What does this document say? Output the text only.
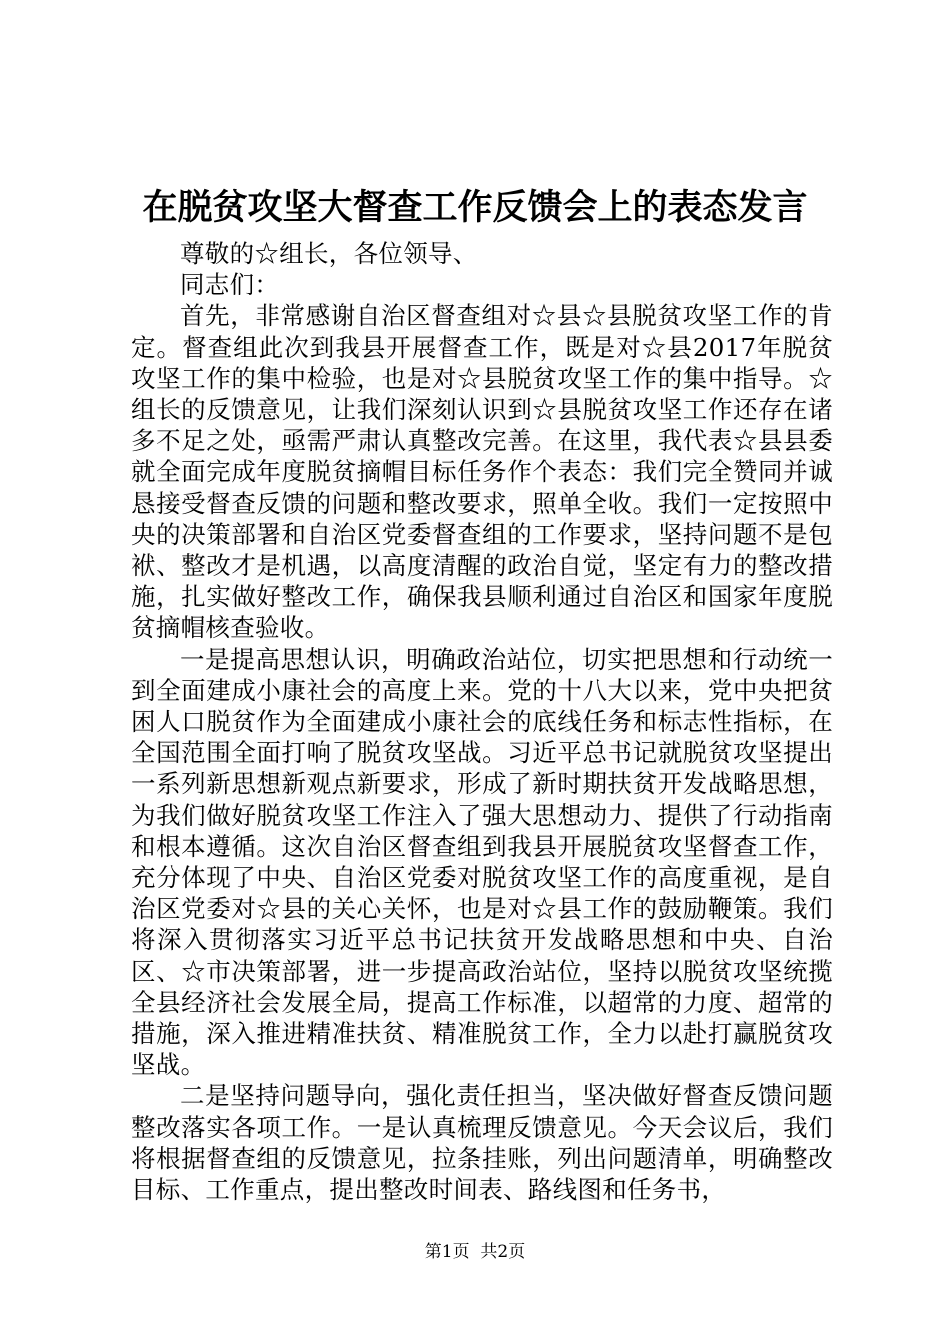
在脱贫攻坚大督查工作反馈会上的表态发言

尊敬的☆组长，各位领导、

同志们：

首先，非常感谢自治区督查组对☆县☆县脱贫攻坚工作的肯定。督查组此次到我县开展督查工作，既是对☆县2017年脱贫攻坚工作的集中检验，也是对☆县脱贫攻坚工作的集中指导。☆组长的反馈意见，让我们深刻认识到☆县脱贫攻坚工作还存在诸多不足之处，亟需严肃认真整改完善。在这里，我代表☆县县委就全面完成年度脱贫摘帽目标任务作个表态：我们完全赞同并诚恳接受督查反馈的问题和整改要求，照单全收。我们一定按照中央的决策部署和自治区党委督查组的工作要求，坚持问题不是包袱、整改才是机遇，以高度清醒的政治自觉，坚定有力的整改措施，扎实做好整改工作，确保我县顺利通过自治区和国家年度脱贫摘帽核查验收。

一是提高思想认识，明确政治站位，切实把思想和行动统一到全面建成小康社会的高度上来。党的十八大以来，党中央把贫困人口脱贫作为全面建成小康社会的底线任务和标志性指标，在全国范围全面打响了脱贫攻坚战。习近平总书记就脱贫攻坚提出一系列新思想新观点新要求，形成了新时期扶贫开发战略思想，为我们做好脱贫攻坚工作注入了强大思想动力、提供了行动指南和根本遵循。这次自治区督查组到我县开展脱贫攻坚督查工作，充分体现了中央、自治区党委对脱贫攻坚工作的高度重视，是自治区党委对☆县的关心关怀，也是对☆县工作的鼓励鞭策。我们将深入贯彻落实习近平总书记扶贫开发战略思想和中央、自治区、☆市决策部署，进一步提高政治站位，坚持以脱贫攻坚统揽全县经济社会发展全局，提高工作标准，以超常的力度、超常的措施，深入推进精准扶贫、精准脱贫工作，全力以赴打赢脱贫攻坚战。

二是坚持问题导向，强化责任担当，坚决做好督查反馈问题整改落实各项工作。一是认真梳理反馈意见。今天会议后，我们将根据督查组的反馈意见，拉条挂账，列出问题清单，明确整改目标、工作重点，提出整改时间表、路线图和任务书，

第1页  共2页
